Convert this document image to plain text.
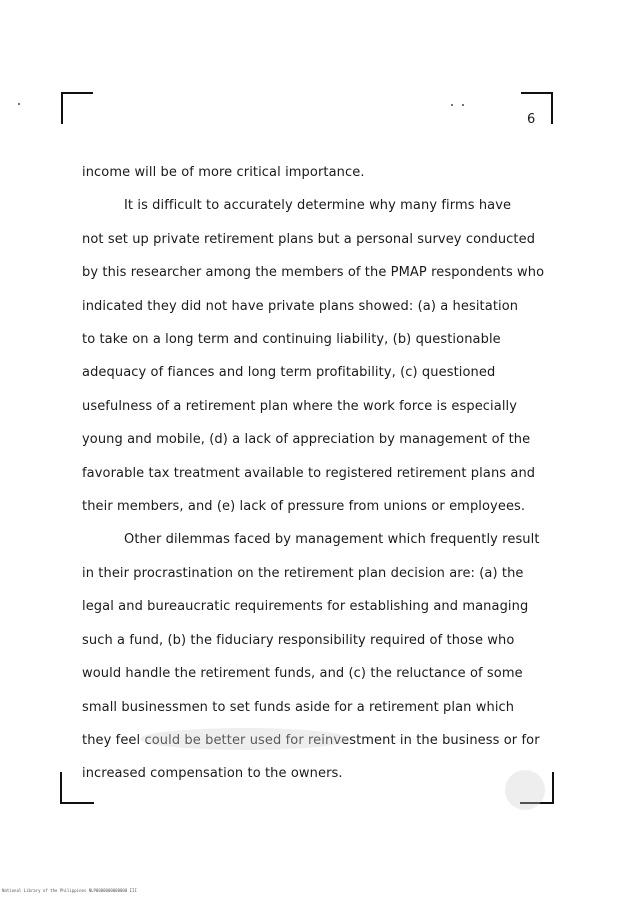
6
income will be of more critical importance.
It is difficult to accurately determine why many firms have
not set up private retirement plans but a personal survey conducted
by this researcher among the members of the PMAP respondents who
indicated they did not have private plans showed: (a) a hesitation
to take on a long term and continuing liability, (b) questionable
adequacy of fiances and long term profitability, (c) questioned
usefulness of a retirement plan where the work force is especially
young and mobile, (d) a lack of appreciation by management of the
favorable tax treatment available to registered retirement plans and
their members, and (e) lack of pressure from unions or employees.
Other dilemmas faced by management which frequently result
in their procrastination on the retirement plan decision are: (a) the
legal and bureaucratic requirements for establishing and managing
such a fund, (b) the fiduciary responsibility required of those who
would handle the retirement funds, and (c) the reluctance of some
small businessmen to set funds aside for a retirement plan which
they feel could be better used for reinvestment in the business or for
increased compensation to the owners.
National Library of the Philippines NLP0000000000000 III
